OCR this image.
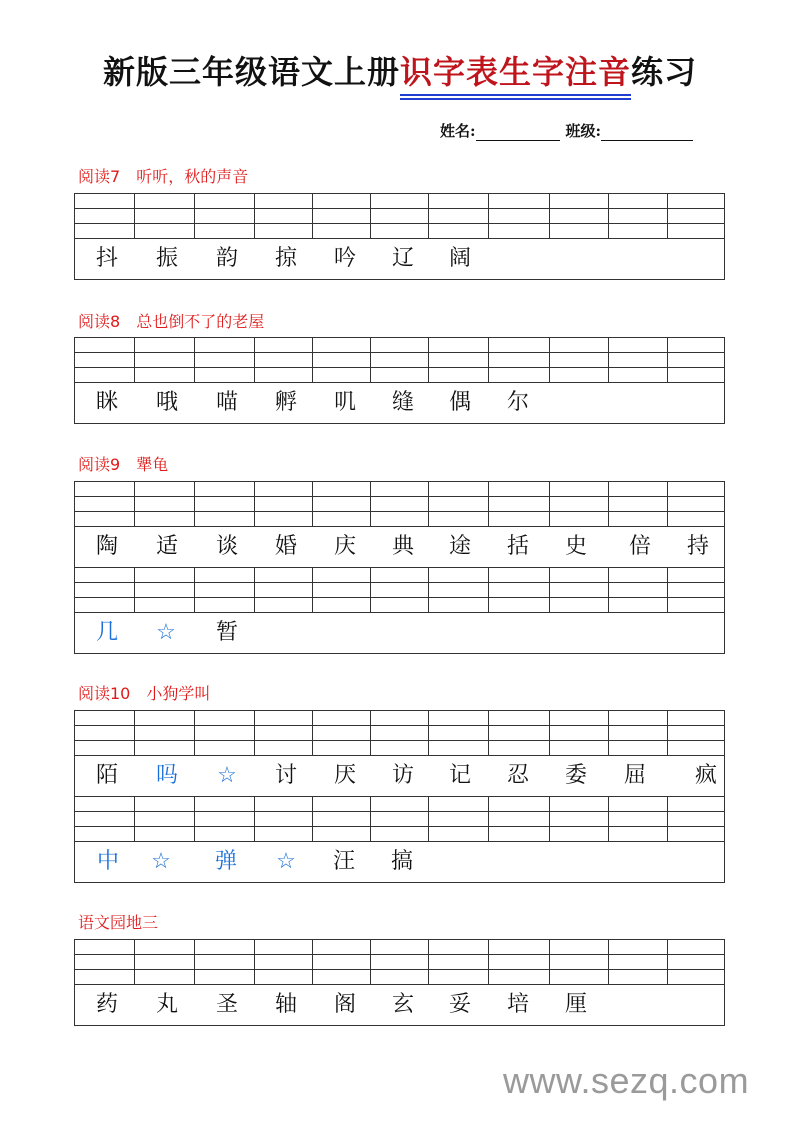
新版三年级语文上册识字表生字注音练习
姓名:	班级:
阅读7 听听，秋的声音
抖 振 韵 掠 吟 辽 阔
阅读8 总也倒不了的老屋
眯 哦 喵 孵 叽 缝 偶 尔
阅读9 犟龟
陶 适 谈 婚 庆 典 途 括 史 倍 持
几 ☆ 暂
阅读10 小狗学叫
陌 吗 ☆ 讨 厌 访 记 忍 委 屈 疯
中 ☆ 弹 ☆ 汪 搞
语文园地三
药 丸 圣 轴 阁 玄 妥 培 厘
www.sezq.com
